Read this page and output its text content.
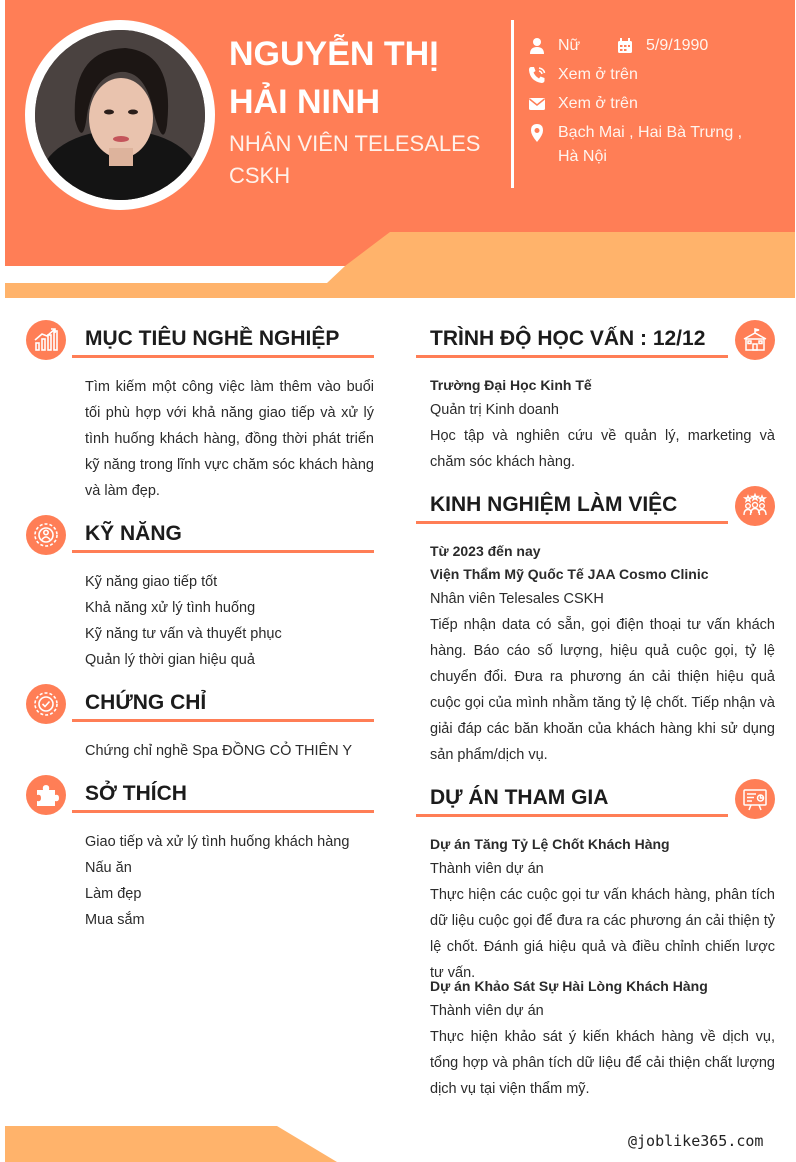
NGUYỄN THỊ
HẢI NINH
NHÂN VIÊN TELESALES
CSKH
Nữ	5/9/1990
Xem ở trên
Xem ở trên
Bạch Mai , Hai Bà Trưng ,
Hà Nội
MỤC TIÊU NGHỀ NGHIỆP
Tìm kiếm một công việc làm thêm vào buổi tối phù hợp với khả năng giao tiếp và xử lý tình huống khách hàng, đồng thời phát triển kỹ năng trong lĩnh vực chăm sóc khách hàng và làm đẹp.
KỸ NĂNG
Kỹ năng giao tiếp tốt
Khả năng xử lý tình huống
Kỹ năng tư vấn và thuyết phục
Quản lý thời gian hiệu quả
CHỨNG CHỈ
Chứng chỉ nghề Spa ĐỒNG CỎ THIÊN Y
SỞ THÍCH
Giao tiếp và xử lý tình huống khách hàng
Nấu ăn
Làm đẹp
Mua sắm
TRÌNH ĐỘ HỌC VẤN : 12/12
Trường Đại Học Kinh Tế
Quản trị Kinh doanh
Học tập và nghiên cứu về quản lý, marketing và chăm sóc khách hàng.
KINH NGHIỆM LÀM VIỆC
Từ 2023 đến nay
Viện Thẩm Mỹ Quốc Tế JAA Cosmo Clinic
Nhân viên Telesales CSKH
Tiếp nhận data có sẵn, gọi điện thoại tư vấn khách hàng. Báo cáo số lượng, hiệu quả cuộc gọi, tỷ lệ chuyển đổi. Đưa ra phương án cải thiện hiệu quả cuộc gọi của mình nhằm tăng tỷ lệ chốt. Tiếp nhận và giải đáp các băn khoăn của khách hàng khi sử dụng sản phẩm/dịch vụ.
DỰ ÁN THAM GIA
Dự án Tăng Tỷ Lệ Chốt Khách Hàng
Thành viên dự án
Thực hiện các cuộc gọi tư vấn khách hàng, phân tích dữ liệu cuộc gọi để đưa ra các phương án cải thiện tỷ lệ chốt. Đánh giá hiệu quả và điều chỉnh chiến lược tư vấn.
Dự án Khảo Sát Sự Hài Lòng Khách Hàng
Thành viên dự án
Thực hiện khảo sát ý kiến khách hàng về dịch vụ, tổng hợp và phân tích dữ liệu để cải thiện chất lượng dịch vụ tại viện thẩm mỹ.
@joblike365.com
